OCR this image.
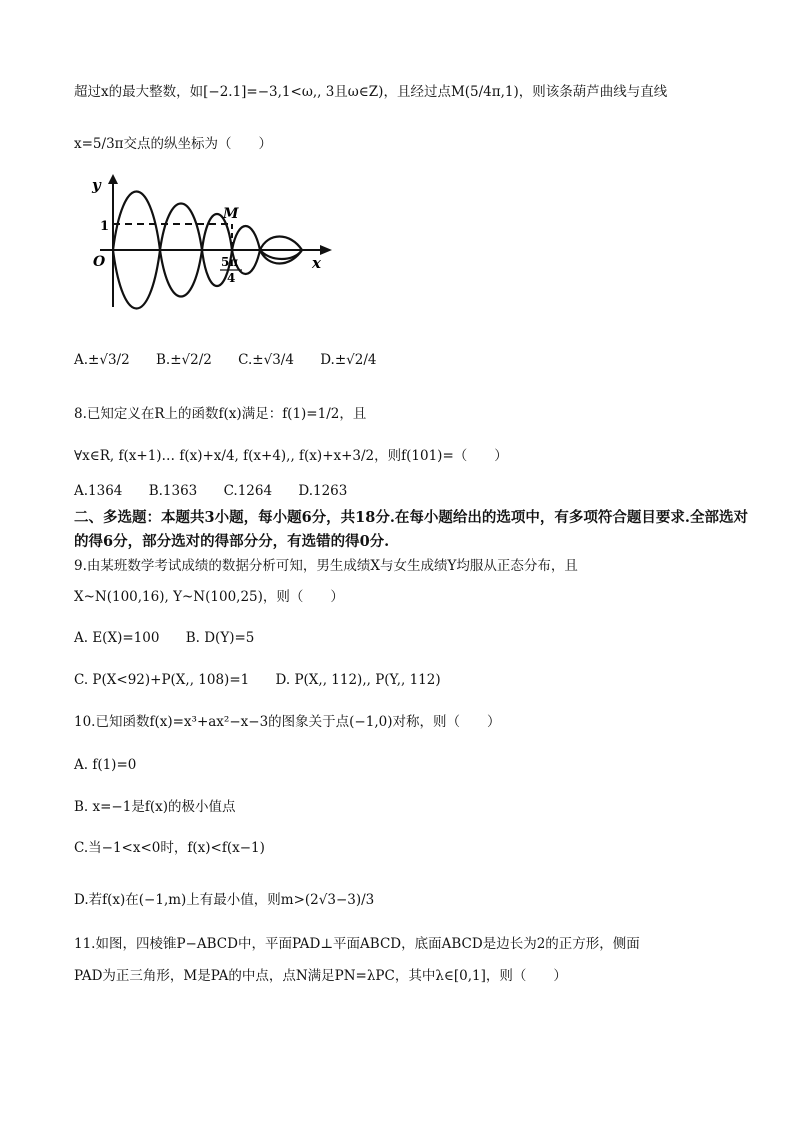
超过x的最大整数，如[−2.1]=−3,1<ω,, 3且ω∈Z)，且经过点M(5/4π,1)，则该条葫芦曲线与直线
x=5/3π交点的纵坐标为（　　）
y
1
O
M
5π
4
x
A.±√3/2 B.±√2/2 C.±√3/4 D.±√2/4
8.已知定义在R上的函数f(x)满足：f(1)=1/2，且
∀x∈R, f(x+1)… f(x)+x/4, f(x+4),, f(x)+x+3/2，则f(101)=（　　）
A.1364 B.1363 C.1264 D.1263
二、多选题：本题共3小题，每小题6分，共18分.在每小题给出的选项中，有多项符合题目要求.全部选对的得6分，部分选对的得部分分，有选错的得0分.
9.由某班数学考试成绩的数据分析可知，男生成绩X与女生成绩Y均服从正态分布，且
X~N(100,16), Y~N(100,25)，则（　　）
A. E(X)=100 B. D(Y)=5
C. P(X<92)+P(X,, 108)=1 D. P(X,, 112),, P(Y,, 112)
10.已知函数f(x)=x³+ax²−x−3的图象关于点(−1,0)对称，则（　　）
A. f(1)=0
B. x=−1是f(x)的极小值点
C.当−1<x<0时，f(x)<f(x−1)
D.若f(x)在(−1,m)上有最小值，则m>(2√3−3)/3
11.如图，四棱锥P−ABCD中，平面PAD⊥平面ABCD，底面ABCD是边长为2的正方形，侧面
PAD为正三角形，M是PA的中点，点N满足PN=λPC，其中λ∈[0,1]，则（　　）
